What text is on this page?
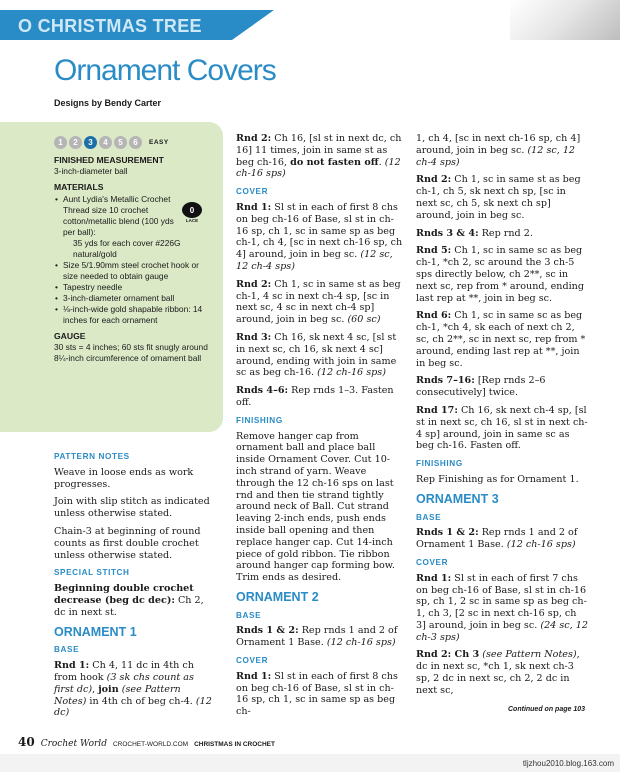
O CHRISTMAS TREE
Ornament Covers
Designs by Bendy Carter
1	2	3	4	5	6	EASY
FINISHED MEASUREMENT
3-inch-diameter ball
MATERIALS
• Aunt Lydia's Metallic Crochet Thread size 10 crochet cotton/metallic blend (100 yds per ball):
35 yds for each cover #226G natural/gold
• Size 5/1.90mm steel crochet hook or size needed to obtain gauge
• Tapestry needle
• 3-inch-diameter ornament ball
• ⅛-inch-wide gold shapable ribbon: 14 inches for each ornament
GAUGE
30 sts = 4 inches; 60 sts fit snugly around 8¼-inch circumference of ornament ball
0
LACE
PATTERN NOTES

Weave in loose ends as work progresses.

Join with slip stitch as indicated unless otherwise stated.

Chain-3 at beginning of round counts as first double crochet unless otherwise stated.

SPECIAL STITCH

Beginning double crochet decrease (beg dc dec): Ch 2, dc in next st.

ORNAMENT 1
BASE

Rnd 1: Ch 4, 11 dc in 4th ch from hook (3 sk chs count as first dc), join (see Pattern Notes) in 4th ch of beg ch-4. (12 dc)

Rnd 2: Ch 16, [sl st in next dc, ch 16] 11 times, join in same st as beg ch-16, do not fasten off. (12 ch-16 sps)

COVER

Rnd 1: Sl st in each of first 8 chs on beg ch-16 of Base, sl st in ch-16 sp, ch 1, sc in same sp as beg ch-1, ch 4, [sc in next ch-16 sp, ch 4] around, join in beg sc. (12 sc, 12 ch-4 sps)

Rnd 2: Ch 1, sc in same st as beg ch-1, 4 sc in next ch-4 sp, [sc in next sc, 4 sc in next ch-4 sp] around, join in beg sc. (60 sc)

Rnd 3: Ch 16, sk next 4 sc, [sl st in next sc, ch 16, sk next 4 sc] around, ending with join in same sc as beg ch-16. (12 ch-16 sps)

Rnds 4–6: Rep rnds 1–3. Fasten off.

FINISHING

Remove hanger cap from ornament ball and place ball inside Ornament Cover. Cut 10-inch strand of yarn. Weave through the 12 ch-16 sps on last rnd and then tie strand tightly around neck of Ball. Cut strand leaving 2-inch ends, push ends inside ball opening and then replace hanger cap. Cut 14-inch piece of gold ribbon. Tie ribbon around hanger cap forming bow. Trim ends as desired.

ORNAMENT 2
BASE

Rnds 1 & 2: Rep rnds 1 and 2 of Ornament 1 Base. (12 ch-16 sps)

COVER

Rnd 1: Sl st in each of first 8 chs on beg ch-16 of Base, sl st in ch-16 sp, ch 1, sc in same sp as beg ch-

1, ch 4, [sc in next ch-16 sp, ch 4] around, join in beg sc. (12 sc, 12 ch-4 sps)

Rnd 2: Ch 1, sc in same st as beg ch-1, ch 5, sk next ch sp, [sc in next sc, ch 5, sk next ch sp] around, join in beg sc.

Rnds 3 & 4: Rep rnd 2.

Rnd 5: Ch 1, sc in same sc as beg ch-1, *ch 2, sc around the 3 ch-5 sps directly below, ch 2**, sc in next sc, rep from * around, ending last rep at **, join in beg sc.

Rnd 6: Ch 1, sc in same sc as beg ch-1, *ch 4, sk each of next ch 2, sc, ch 2**, sc in next sc, rep from * around, ending last rep at **, join in beg sc.

Rnds 7–16: [Rep rnds 2–6 consecutively] twice.

Rnd 17: Ch 16, sk next ch-4 sp, [sl st in next sc, ch 16, sl st in next ch-4 sp] around, join in same sc as beg ch-16. Fasten off.

FINISHING

Rep Finishing as for Ornament 1.

ORNAMENT 3
BASE

Rnds 1 & 2: Rep rnds 1 and 2 of Ornament 1 Base. (12 ch-16 sps)

COVER

Rnd 1: Sl st in each of first 7 chs on beg ch-16 of Base, sl st in ch-16 sp, ch 1, 2 sc in same sp as beg ch-1, ch 3, [2 sc in next ch-16 sp, ch 3] around, join in beg sc. (24 sc, 12 ch-3 sps)

Rnd 2: Ch 3 (see Pattern Notes), dc in next sc, *ch 1, sk next ch-3 sp, 2 dc in next sc, ch 2, 2 dc in next sc,

Continued on page 103
40 Crochet World CROCHET-WORLD.COM CHRISTMAS IN CROCHET
tljzhou2010.blog.163.com
